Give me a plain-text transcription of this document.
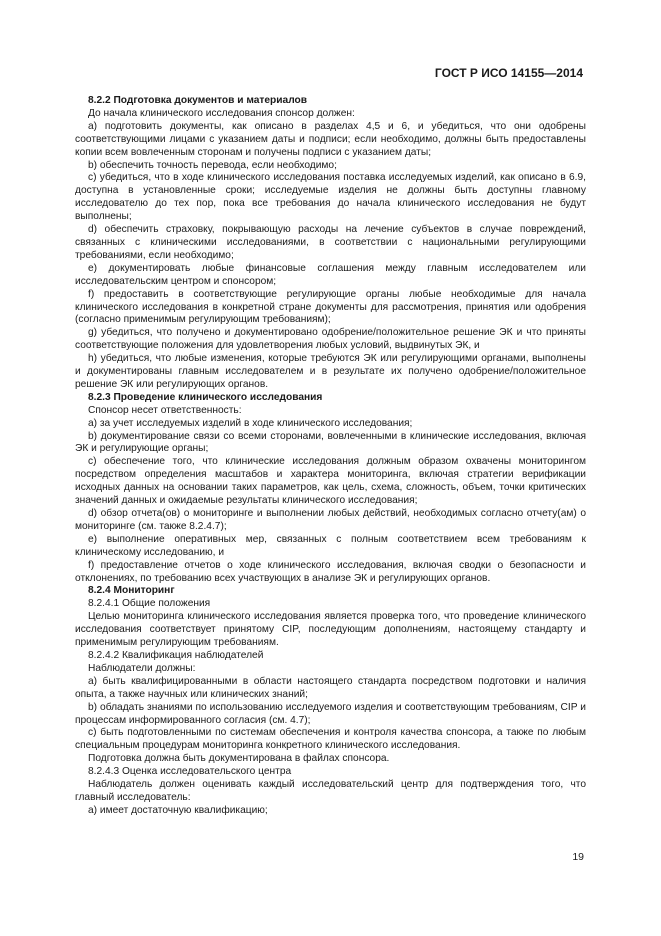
ГОСТ Р ИСО 14155—2014

8.2.2 Подготовка документов и материалов

До начала клинического исследования спонсор должен:

a) подготовить документы, как описано в разделах 4,5 и 6, и убедиться, что они одобрены соответствующими лицами с указанием даты и подписи; если необходимо, должны быть предоставлены копии всем вовлеченным сторонам и получены подписи с указанием даты;

b) обеспечить точность перевода, если необходимо;

c) убедиться, что в ходе клинического исследования поставка исследуемых изделий, как описано в 6.9, доступна в установленные сроки; исследуемые изделия не должны быть доступны главному исследователю до тех пор, пока все требования до начала клинического исследования не будут выполнены;

d) обеспечить страховку, покрывающую расходы на лечение субъектов в случае повреждений, связанных с клиническими исследованиями, в соответствии с национальными регулирующими требованиями, если необходимо;

e) документировать любые финансовые соглашения между главным исследователем или исследовательским центром и спонсором;

f) предоставить в соответствующие регулирующие органы любые необходимые для начала клинического исследования в конкретной стране документы для рассмотрения, принятия или одобрения (согласно применимым регулирующим требованиям);

g) убедиться, что получено и документировано одобрение/положительное решение ЭК и что приняты соответствующие положения для удовлетворения любых условий, выдвинутых ЭК, и

h) убедиться, что любые изменения, которые требуются ЭК или регулирующими органами, выполнены и документированы главным исследователем и в результате их получено одобрение/положительное решение ЭК или регулирующих органов.

8.2.3 Проведение клинического исследования

Спонсор несет ответственность:

a) за учет исследуемых изделий в ходе клинического исследования;

b) документирование связи со всеми сторонами, вовлеченными в клинические исследования, включая ЭК и регулирующие органы;

c) обеспечение того, что клинические исследования должным образом охвачены мониторингом посредством определения масштабов и характера мониторинга, включая стратегии верификации исходных данных на основании таких параметров, как цель, схема, сложность, объем, точки критических значений данных и ожидаемые результаты клинического исследования;

d) обзор отчета(ов) о мониторинге и выполнении любых действий, необходимых согласно отчету(ам) о мониторинге (см. также 8.2.4.7);

e) выполнение оперативных мер, связанных с полным соответствием всем требованиям к клиническому исследованию, и

f) предоставление отчетов о ходе клинического исследования, включая сводки о безопасности и отклонениях, по требованию всех участвующих в анализе ЭК и регулирующих органов.

8.2.4 Мониторинг

8.2.4.1 Общие положения

Целью мониторинга клинического исследования является проверка того, что проведение клинического исследования соответствует принятому CIP, последующим дополнениям, настоящему стандарту и применимым регулирующим требованиям.

8.2.4.2 Квалификация наблюдателей

Наблюдатели должны:

a) быть квалифицированными в области настоящего стандарта посредством подготовки и наличия опыта, а также научных или клинических знаний;

b) обладать знаниями по использованию исследуемого изделия и соответствующим требованиям, CIP и процессам информированного согласия (см. 4.7);

c) быть подготовленными по системам обеспечения и контроля качества спонсора, а также по любым специальным процедурам мониторинга конкретного клинического исследования.

Подготовка должна быть документирована в файлах спонсора.

8.2.4.3 Оценка исследовательского центра

Наблюдатель должен оценивать каждый исследовательский центр для подтверждения того, что главный исследователь:

a) имеет достаточную квалификацию;

19
